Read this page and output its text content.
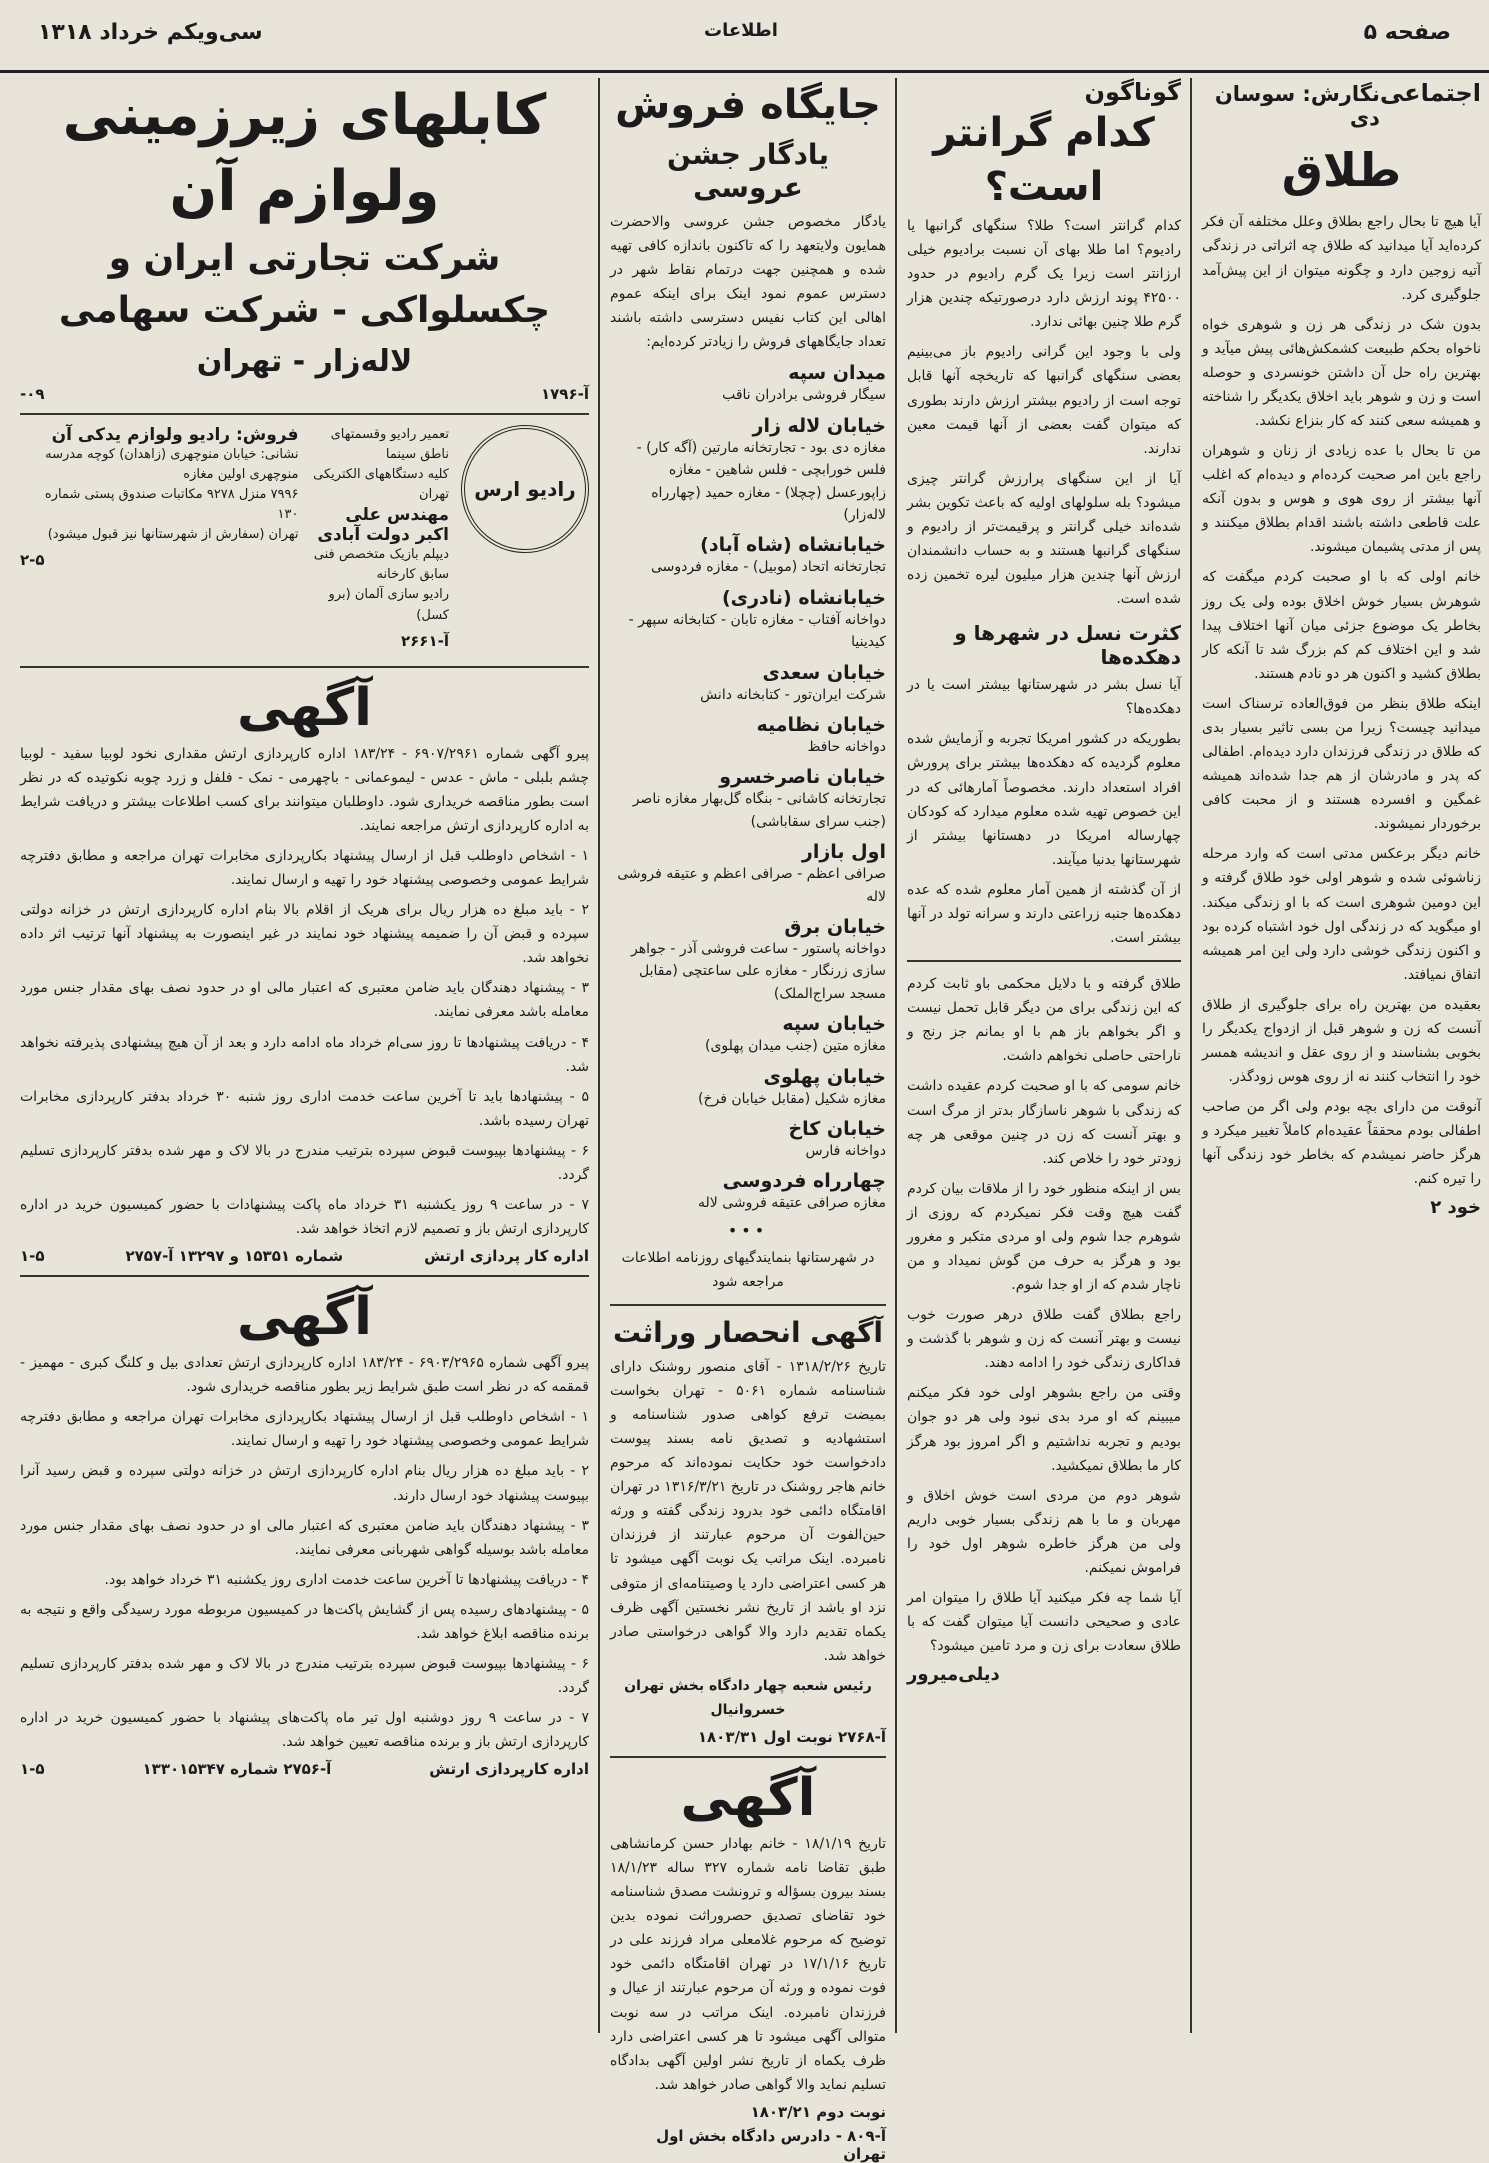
صفحه ۵
اطلاعات
سی‌ویکم خرداد ۱۳۱۸
اجتماعی
نگارش: سوسان دی
طلاق

آیا هیچ تا بحال راجع بطلاق وعلل مختلفه آن فکر کرده‌اید آیا میدانید که طلاق چه اثراتی در زندگی آتیه زوجین دارد و چگونه میتوان از این پیش‌آمد جلوگیری کرد.

بدون شک در زندگی هر زن و شوهری خواه ناخواه بحکم طبیعت کشمکش‌هائی پیش میآید و بهترین راه حل آن داشتن خونسردی و حوصله است و زن و شوهر باید اخلاق یکدیگر را شناخته و همیشه سعی کنند که کار بنزاع نکشد.

من تا بحال با عده زیادی از زنان و شوهران راجع باین امر صحبت کرده‌ام و دیده‌ام که اغلب آنها بیشتر از روی هوی و هوس و بدون آنکه علت قاطعی داشته باشند اقدام بطلاق میکنند و پس از مدتی پشیمان میشوند.

خانم اولی که با او صحبت کردم میگفت که شوهرش بسیار خوش اخلاق بوده ولی یک روز بخاطر یک موضوع جزئی میان آنها اختلاف پیدا شد و این اختلاف کم کم بزرگ شد تا آنکه کار بطلاق کشید و اکنون هر دو نادم هستند.

اینکه طلاق بنظر من فوق‌العاده ترسناک است میدانید چیست؟ زیرا من بسی تاثیر بسیار بدی که طلاق در زندگی فرزندان دارد دیده‌ام. اطفالی که پدر و مادرشان از هم جدا شده‌اند همیشه غمگین و افسرده هستند و از محبت کافی برخوردار نمیشوند.

خانم دیگر برعکس مدتی است که وارد مرحله زناشوئی شده و شوهر اولی خود طلاق گرفته و این دومین شوهری است که با او زندگی میکند. او میگوید که در زندگی اول خود اشتباه کرده بود و اکنون زندگی خوشی دارد ولی این امر همیشه اتفاق نمیافتد.

بعقیده من بهترین راه برای جلوگیری از طلاق آنست که زن و شوهر قبل از ازدواج یکدیگر را بخوبی بشناسند و از روی عقل و اندیشه همسر خود را انتخاب کنند نه از روی هوس زودگذر.

آنوقت من دارای بچه بودم ولی اگر من صاحب اطفالی بودم محققاً عقیده‌ام کاملاً تغییر میکرد و هرگز حاضر نمیشدم که بخاطر خود زندگی آنها را تیره کنم.

خود ۲
گوناگون
کدام گرانتر است؟

کدام گرانتر است؟ طلا؟ سنگهای گرانبها یا رادیوم؟ اما طلا بهای آن نسبت برادیوم خیلی ارزانتر است زیرا یک گرم رادیوم در حدود ۴۲۵۰۰ پوند ارزش دارد درصورتیکه چندین هزار گرم طلا چنین بهائی ندارد.

ولی با وجود این گرانی رادیوم باز می‌بینیم بعضی سنگهای گرانبها که تاریخچه آنها قابل توجه است از رادیوم بیشتر ارزش دارند بطوری که میتوان گفت بعضی از آنها قیمت معین ندارند.

آیا از این سنگهای پرارزش گرانتر چیزی میشود؟ بله سلولهای اولیه که باعث تکوین بشر شده‌اند خیلی گرانتر و پرقیمت‌تر از رادیوم و سنگهای گرانبها هستند و به حساب دانشمندان ارزش آنها چندین هزار میلیون لیره تخمین زده شده است.

کثرت نسل در شهرها و دهکده‌ها

آیا نسل بشر در شهرستانها بیشتر است یا در دهکده‌ها؟

بطوریکه در کشور امریکا تجربه و آزمایش شده معلوم گردیده که دهکده‌ها بیشتر برای پرورش افراد استعداد دارند. مخصوصاً آمارهائی که در این خصوص تهیه شده معلوم میدارد که کودکان چهارساله امریکا در دهستانها بیشتر از شهرستانها بدنیا میآیند.

از آن گذشته از همین آمار معلوم شده که عده دهکده‌ها جنبه زراعتی دارند و سرانه تولد در آنها بیشتر است.

طلاق گرفته و با دلایل محکمی باو ثابت کردم که این زندگی برای من دیگر قابل تحمل نیست و اگر بخواهم باز هم با او بمانم جز رنج و ناراحتی حاصلی نخواهم داشت.

خانم سومی که با او صحبت کردم عقیده داشت که زندگی با شوهر ناسازگار بدتر از مرگ است و بهتر آنست که زن در چنین موقعی هر چه زودتر خود را خلاص کند.

بس از اینکه منظور خود را از ملاقات بیان کردم گفت هیچ وقت فکر نمیکردم که روزی از شوهرم جدا شوم ولی او مردی متکبر و مغرور بود و هرگز به حرف من گوش نمیداد و من ناچار شدم که از او جدا شوم.

راجع بطلاق گفت طلاق درهر صورت خوب نیست و بهتر آنست که زن و شوهر با گذشت و فداکاری زندگی خود را ادامه دهند.

وقتی من راجع بشوهر اولی خود فکر میکنم میبینم که او مرد بدی نبود ولی هر دو جوان بودیم و تجربه نداشتیم و اگر امروز بود هرگز کار ما بطلاق نمیکشید.

شوهر دوم من مردی است خوش اخلاق و مهربان و ما با هم زندگی بسیار خوبی داریم ولی من هرگز خاطره شوهر اول خود را فراموش نمیکنم.

آیا شما چه فکر میکنید آیا طلاق را میتوان امر عادی و صحیحی دانست آیا میتوان گفت که با طلاق سعادت برای زن و مرد تامین میشود؟

دیلی‌میرور
جایگاه فروش
یادگار جشن عروسی

یادگار مخصوص جشن عروسی والاحضرت همایون ولایتعهد را که تاکنون باندازه کافی تهیه شده و همچنین جهت درتمام نقاط شهر در دسترس عموم نمود اینک برای اینکه عموم اهالی این کتاب نفیس دسترسی داشته باشند تعداد جایگاههای فروش را زیادتر کرده‌ایم:

میدان سپه
سیگار فروشی برادران ناقب
خیابان لاله زار
مغازه دی بود - تجارتخانه مارتین (آگه کار) - فلس خورابچی - فلس شاهین - مغازه زاپورعسل (چچلا) - مغازه حمید (چهارراه لاله‌زار)
خیابانشاه (شاه آباد)
تجارتخانه اتحاد (موبیل) - مغازه فردوسی
خیابانشاه (نادری)
دواخانه آفتاب - مغازه تابان - کتابخانه سپهر - کیدینیا
خیابان سعدی
شرکت ایران‌تور - کتابخانه دانش
خیابان نظامیه
دواخانه حافظ
خیابان ناصرخسرو
تجارتخانه کاشانی - بنگاه گل‌بهار مغازه ناصر (جنب سرای سقاباشی)
اول بازار
صرافی اعظم - صرافی اعظم و عتیقه فروشی لاله
خیابان برق
دواخانه پاستور - ساعت فروشی آذر - جواهر سازی زرنگار - مغازه علی ساعتچی (مقابل مسجد سراج‌الملک)
خیابان سپه
مغازه متین (جنب میدان پهلوی)
خیابان پهلوی
مغازه شکیل (مقابل خیابان فرخ)
خیابان کاخ
دواخانه فارس
چهارراه فردوسی
مغازه صرافی عتیقه فروشی لاله
•••

در شهرستانها بنمایندگیهای روزنامه اطلاعات مراجعه شود

آگهی انحصار وراثت

تاریخ ۱۳۱۸/۲/۲۶ - آقای منصور روشنک دارای شناسنامه شماره ۵۰۶۱ - تهران بخواست بمیضت ترفع کواهی صدور شناسنامه و استشهادیه و تصدیق نامه بسند پیوست دادخواست خود حکایت نموده‌اند که مرحوم خانم هاجر روشنک در تاریخ ۱۳۱۶/۳/۲۱ در تهران اقامتگاه دائمی خود بدرود زندگی گفته و ورثه حین‌الفوت آن مرحوم عبارتند از فرزندان نامبرده. اینک مراتب یک نوبت آگهی میشود تا هر کسی اعتراضی دارد یا وصیتنامه‌ای از متوفی نزد او باشد از تاریخ نشر نخستین آگهی ظرف یکماه تقدیم دارد والا گواهی درخواستی صادر خواهد شد.

رئیس شعبه چهار دادگاه بخش تهران خسروانیال

آ-۲۷۶۸ نوبت اول ۱۸۰۳/۳۱
آگهی

تاریخ ۱۸/۱/۱۹ - خانم بهادار حسن کرمانشاهی طبق تقاضا نامه شماره ۳۲۷ ساله ۱۸/۱/۲۳ بسند بیرون بسؤاله و ترونشت مصدق شناسنامه خود تقاضای تصدیق حصروراثت نموده بدین توضیح که مرحوم غلامعلی مراد فرزند علی در تاریخ ۱۷/۱/۱۶ در تهران اقامتگاه دائمی خود فوت نموده و ورثه آن مرحوم عبارتند از عیال و فرزندان نامبرده. اینک مراتب در سه نوبت متوالی آگهی میشود تا هر کسی اعتراضی دارد ظرف یکماه از تاریخ نشر اولین آگهی بدادگاه تسلیم نماید والا گواهی صادر خواهد شد.

نوبت دوم ۱۸۰۳/۲۱
آ-۸۰۹ - دادرس دادگاه بخش اول تهران
کابلهای زیرزمینی ولوازم آن
شرکت تجارتی ایران و چکسلواکی - شرکت سهامی
لاله‌زار - تهران
آ-۱۷۹۶
۰۹-
رادیو ارس
تعمیر رادیو وقسمتهای ناطق سینما
کلیه دستگاههای الکتریکی تهران
مهندس علی اکبر دولت آبادی
دیپلم بازیک متخصص فنی سابق کارخانه
رادیو سازی آلمان (برو کسل)
آ-۲۶۶۱
فروش: رادیو ولوازم یدکی آن
نشانی: خیابان منوچهری (زاهدان) کوچه مدرسه منوچهری اولین مغازه
۷۹۹۶ منزل ۹۲۷۸ مکاتبات صندوق پستی شماره ۱۳۰
تهران (سفارش از شهرستانها نیز قبول میشود)
۲-۵
آگهی

پیرو آگهی شماره ۶۹۰۷/۲۹۶۱ - ۱۸۳/۲۴ اداره کارپردازی ارتش مقداری نخود لوبیا سفید - لوبیا چشم بلبلی - ماش - عدس - لیموعمانی - باچهرمی - نمک - فلفل و زرد چوبه نکوتیده که در نظر است بطور مناقصه خریداری شود. داوطلبان میتوانند برای کسب اطلاعات بیشتر و دریافت شرایط به اداره کارپردازی ارتش مراجعه نمایند.

۱ - اشخاص داوطلب قبل از ارسال پیشنهاد بکارپردازی مخابرات تهران مراجعه و مطابق دفترچه شرایط عمومی وخصوصی پیشنهاد خود را تهیه و ارسال نمایند.

۲ - باید مبلغ ده هزار ریال برای هریک از اقلام بالا بنام اداره کارپردازی ارتش در خزانه دولتی سپرده و قبض آن را ضمیمه پیشنهاد خود نمایند در غیر اینصورت به پیشنهاد آنها ترتیب اثر داده نخواهد شد.

۳ - پیشنهاد دهندگان باید ضامن معتبری که اعتبار مالی او در حدود نصف بهای مقدار جنس مورد معامله باشد معرفی نمایند.

۴ - دریافت پیشنهادها تا روز سی‌ام خرداد ماه ادامه دارد و بعد از آن هیچ پیشنهادی پذیرفته نخواهد شد.

۵ - پیشنهادها باید تا آخرین ساعت خدمت اداری روز شنبه ۳۰ خرداد بدفتر کارپردازی مخابرات تهران رسیده باشد.

۶ - پیشنهادها بپیوست قبوض سپرده بترتیب مندرج در بالا لاک و مهر شده بدفتر کارپردازی تسلیم گردد.

۷ - در ساعت ۹ روز یکشنبه ۳۱ خرداد ماه پاکت پیشنهادات با حضور کمیسیون خرید در اداره کارپردازی ارتش باز و تصمیم لازم اتخاذ خواهد شد.

اداره کار پردازی ارتش
شماره ۱۵۳۵۱ و ۱۳۲۹۷ آ-۲۷۵۷
۱-۵
آگهی

پیرو آگهی شماره ۶۹۰۳/۲۹۶۵ - ۱۸۳/۲۴ اداره کارپردازی ارتش تعدادی بیل و کلنگ کبری - مهمیز - قمقمه که در نظر است طبق شرایط زیر بطور مناقصه خریداری شود.

۱ - اشخاص داوطلب قبل از ارسال پیشنهاد بکارپردازی مخابرات تهران مراجعه و مطابق دفترچه شرایط عمومی وخصوصی پیشنهاد خود را تهیه و ارسال نمایند.

۲ - باید مبلغ ده هزار ریال بنام اداره کارپردازی ارتش در خزانه دولتی سپرده و قبض رسید آنرا بپیوست پیشنهاد خود ارسال دارند.

۳ - پیشنهاد دهندگان باید ضامن معتبری که اعتبار مالی او در حدود نصف بهای مقدار جنس مورد معامله باشد بوسیله گواهی شهربانی معرفی نمایند.

۴ - دریافت پیشنهادها تا آخرین ساعت خدمت اداری روز یکشنبه ۳۱ خرداد خواهد بود.

۵ - پیشنهادهای رسیده پس از گشایش پاکت‌ها در کمیسیون مربوطه مورد رسیدگی واقع و نتیجه به برنده مناقصه ابلاغ خواهد شد.

۶ - پیشنهادها بپیوست قبوض سپرده بترتیب مندرج در بالا لاک و مهر شده بدفتر کارپردازی تسلیم گردد.

۷ - در ساعت ۹ روز دوشنبه اول تیر ماه پاکت‌های پیشنهاد با حضور کمیسیون خرید در اداره کارپردازی ارتش باز و برنده مناقصه تعیین خواهد شد.

اداره کارپردازی ارتش
آ-۲۷۵۶ شماره ۱۳۳۰۱۵۳۴۷
۱-۵
